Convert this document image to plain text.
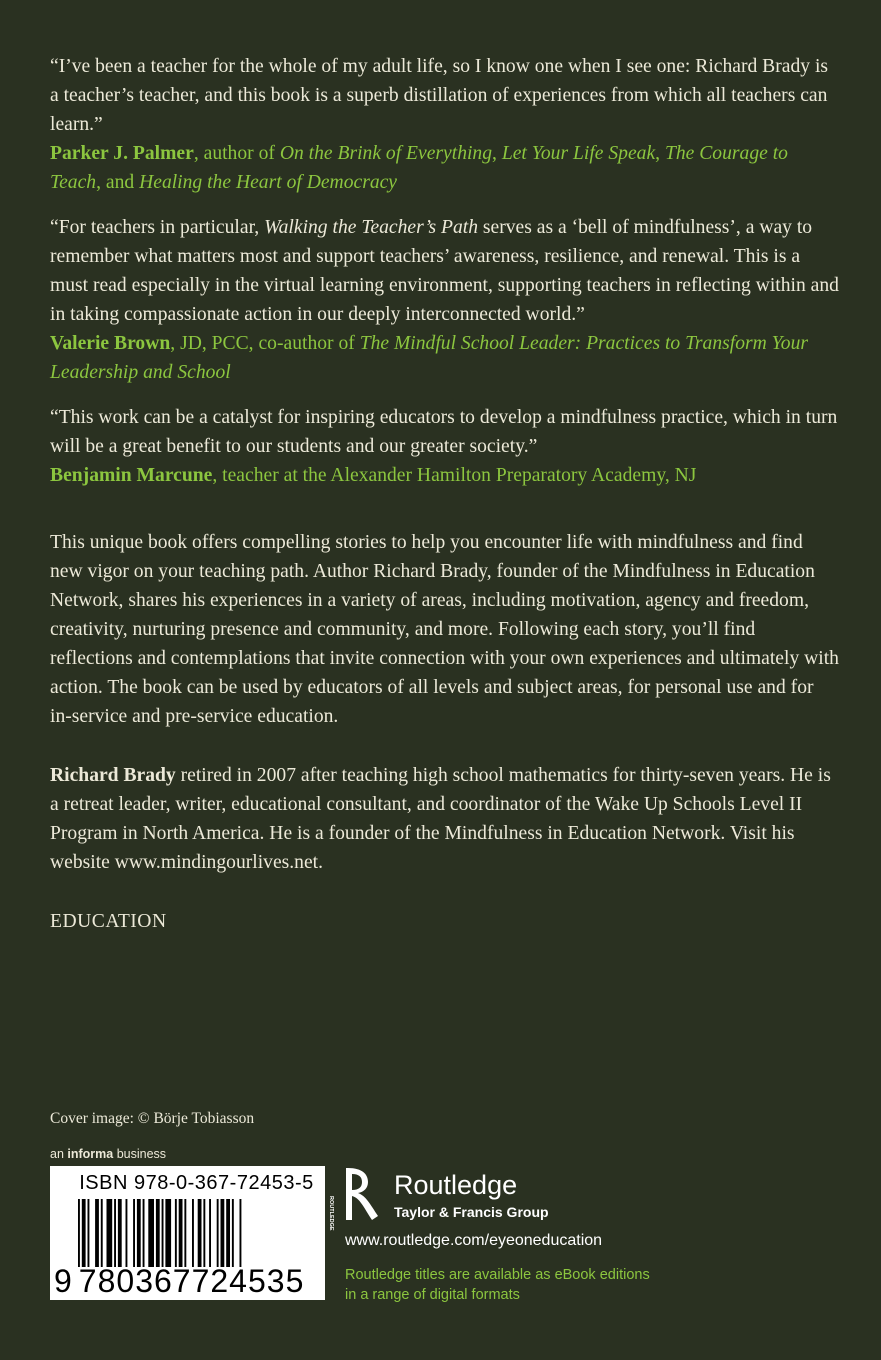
“I’ve been a teacher for the whole of my adult life, so I know one when I see one: Richard Brady is a teacher’s teacher, and this book is a superb distillation of experiences from which all teachers can learn.”

Parker J. Palmer, author of On the Brink of Everything, Let Your Life Speak, The Courage to Teach, and Healing the Heart of Democracy

“For teachers in particular, Walking the Teacher’s Path serves as a ‘bell of mindfulness’, a way to remember what matters most and support teachers’ awareness, resilience, and renewal. This is a must read especially in the virtual learning environment, supporting teachers in reflecting within and in taking compassionate action in our deeply interconnected world.”

Valerie Brown, JD, PCC, co-author of The Mindful School Leader: Practices to Transform Your Leadership and School

“This work can be a catalyst for inspiring educators to develop a mindfulness practice, which in turn will be a great benefit to our students and our greater society.”

Benjamin Marcune, teacher at the Alexander Hamilton Preparatory Academy, NJ

This unique book offers compelling stories to help you encounter life with mindfulness and find new vigor on your teaching path. Author Richard Brady, founder of the Mindfulness in Education Network, shares his experiences in a variety of areas, including motivation, agency and freedom, creativity, nurturing presence and community, and more. Following each story, you’ll find reflections and contemplations that invite connection with your own experiences and ultimately with action. The book can be used by educators of all levels and subject areas, for personal use and for in-service and pre-service education.

Richard Brady retired in 2007 after teaching high school mathematics for thirty-seven years. He is a retreat leader, writer, educational consultant, and coordinator of the Wake Up Schools Level II Program in North America. He is a founder of the Mindfulness in Education Network. Visit his website www.mindingourlives.net.

EDUCATION

Cover image: © Börje Tobiasson
an informa business
ISBN 978-0-367-72453-5
9 780367724535
ROUTLEDGE
Routledge
Taylor & Francis Group
www.routledge.com/eyeoneducation
Routledge titles are available as eBook editions
in a range of digital formats
